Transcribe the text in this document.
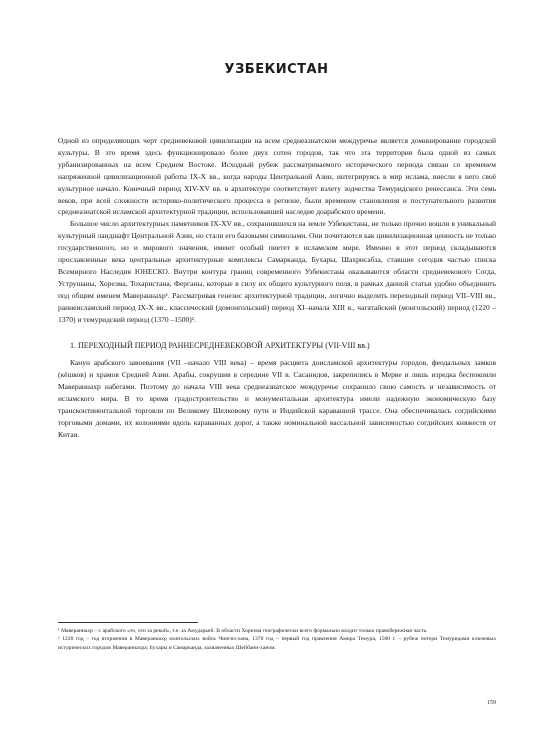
УЗБЕКИСТАН

Одной из определяющих черт средневековой цивилизации на всем среднеазиатском междуречье является доминирование городской культуры. В это время здесь функционировало более двух сотен городов, так что эта территория была одной из самых урбанизированных на всем Среднем Востоке. Исходный рубеж рассматриваемого исторического периода связан со временем напряженной цивилизационной работы IX-X вв., когда народы Центральной Азии, интегрируясь в мир ислама, внесли в него своё культурное начало. Конечный период XIV-XV вв. в архитектуре соответствует взлету зодчества Темуридского ренессанса. Эти семь веков, при всей сложности историко-политического процесса в регионе, были временем становления и поступательного развития среднеазиатской исламской архитектурной традиции, использовавшей наследие доарабского времени.

Большое число архитектурных памятников IX-XV вв., сохранившихся на земле Узбекистана, не только прочно вошли в уникальный культурный ландшафт Центральной Азии, но стали его базовыми символами. Они почитаются как цивилизационная ценность не только государственного, но и мирового значения, имеют особый пиетет в исламском мире. Именно в этот период складываются прославленные века центральные архитектурные комплексы Самарканда, Бухары, Шахрисабза, ставшие сегодня частью списка Всемирного Наследия ЮНЕСКО. Внутри контура границ современного Узбекистана оказываются области средневекового Согда, Уструшаны, Хорезма, Тохаристана, Ферганы, которые в силу их общего культурного поля, в рамках данной статьи удобно объединить под общим именем Мавераннахр¹. Рассматривая генезис архитектурной традиции, логично выделить переходный период VII–VIII вв., раннеисламский период IX-X вв., классический (домонгольский) период XI–начала XIII в., чагатайский (монгольский) период (1220 –1370) и темуридский период (1370 –1500)².

1. ПЕРЕХОДНЫЙ ПЕРИОД РАННЕСРЕДНЕВЕКОВОЙ АРХИТЕКТУРЫ (VII-VIII вв.)

Канун арабского завоевания (VII –начало VIII века) – время расцвета доисламской архитектуры городов, феодальных замков (кёшков) и храмов Средней Азии. Арабы, сокрушив в середине VII в. Сасанидов, закрепились в Мерве и лишь изредка беспокоили Мавераннахр набегами. Поэтому до начала VIII века среднеазиатское междуречье сохранило свою самость и независимость от исламского мира. В то время градостроительство и монументальная архитектура имели надежную экономическую базу трансконтинентальной торговли по Великому Шелковому пути и Индийской караванной трассе. Она обеспечивалась согдийскими торговыми домами, их колониями вдоль караванных дорог, а также номинальной вассальной зависимостью согдийских княжеств от Китая.

¹ Мавераннахр – с арабского «то, что за рекой», т.е. за Амударьей. В области Хорезма географически всего формально входит только правобережная часть.

² 1220 год – год вторжения в Мавераннахр монгольских войск Чингиз-хана, 1370 год – первый год правления Амира Темура, 1500 г. – рубеж потери Темуридами ключевых исторических городов Мавераннахра: Бухары и Самарканда, захваченных Шейбани-ханом.

159
